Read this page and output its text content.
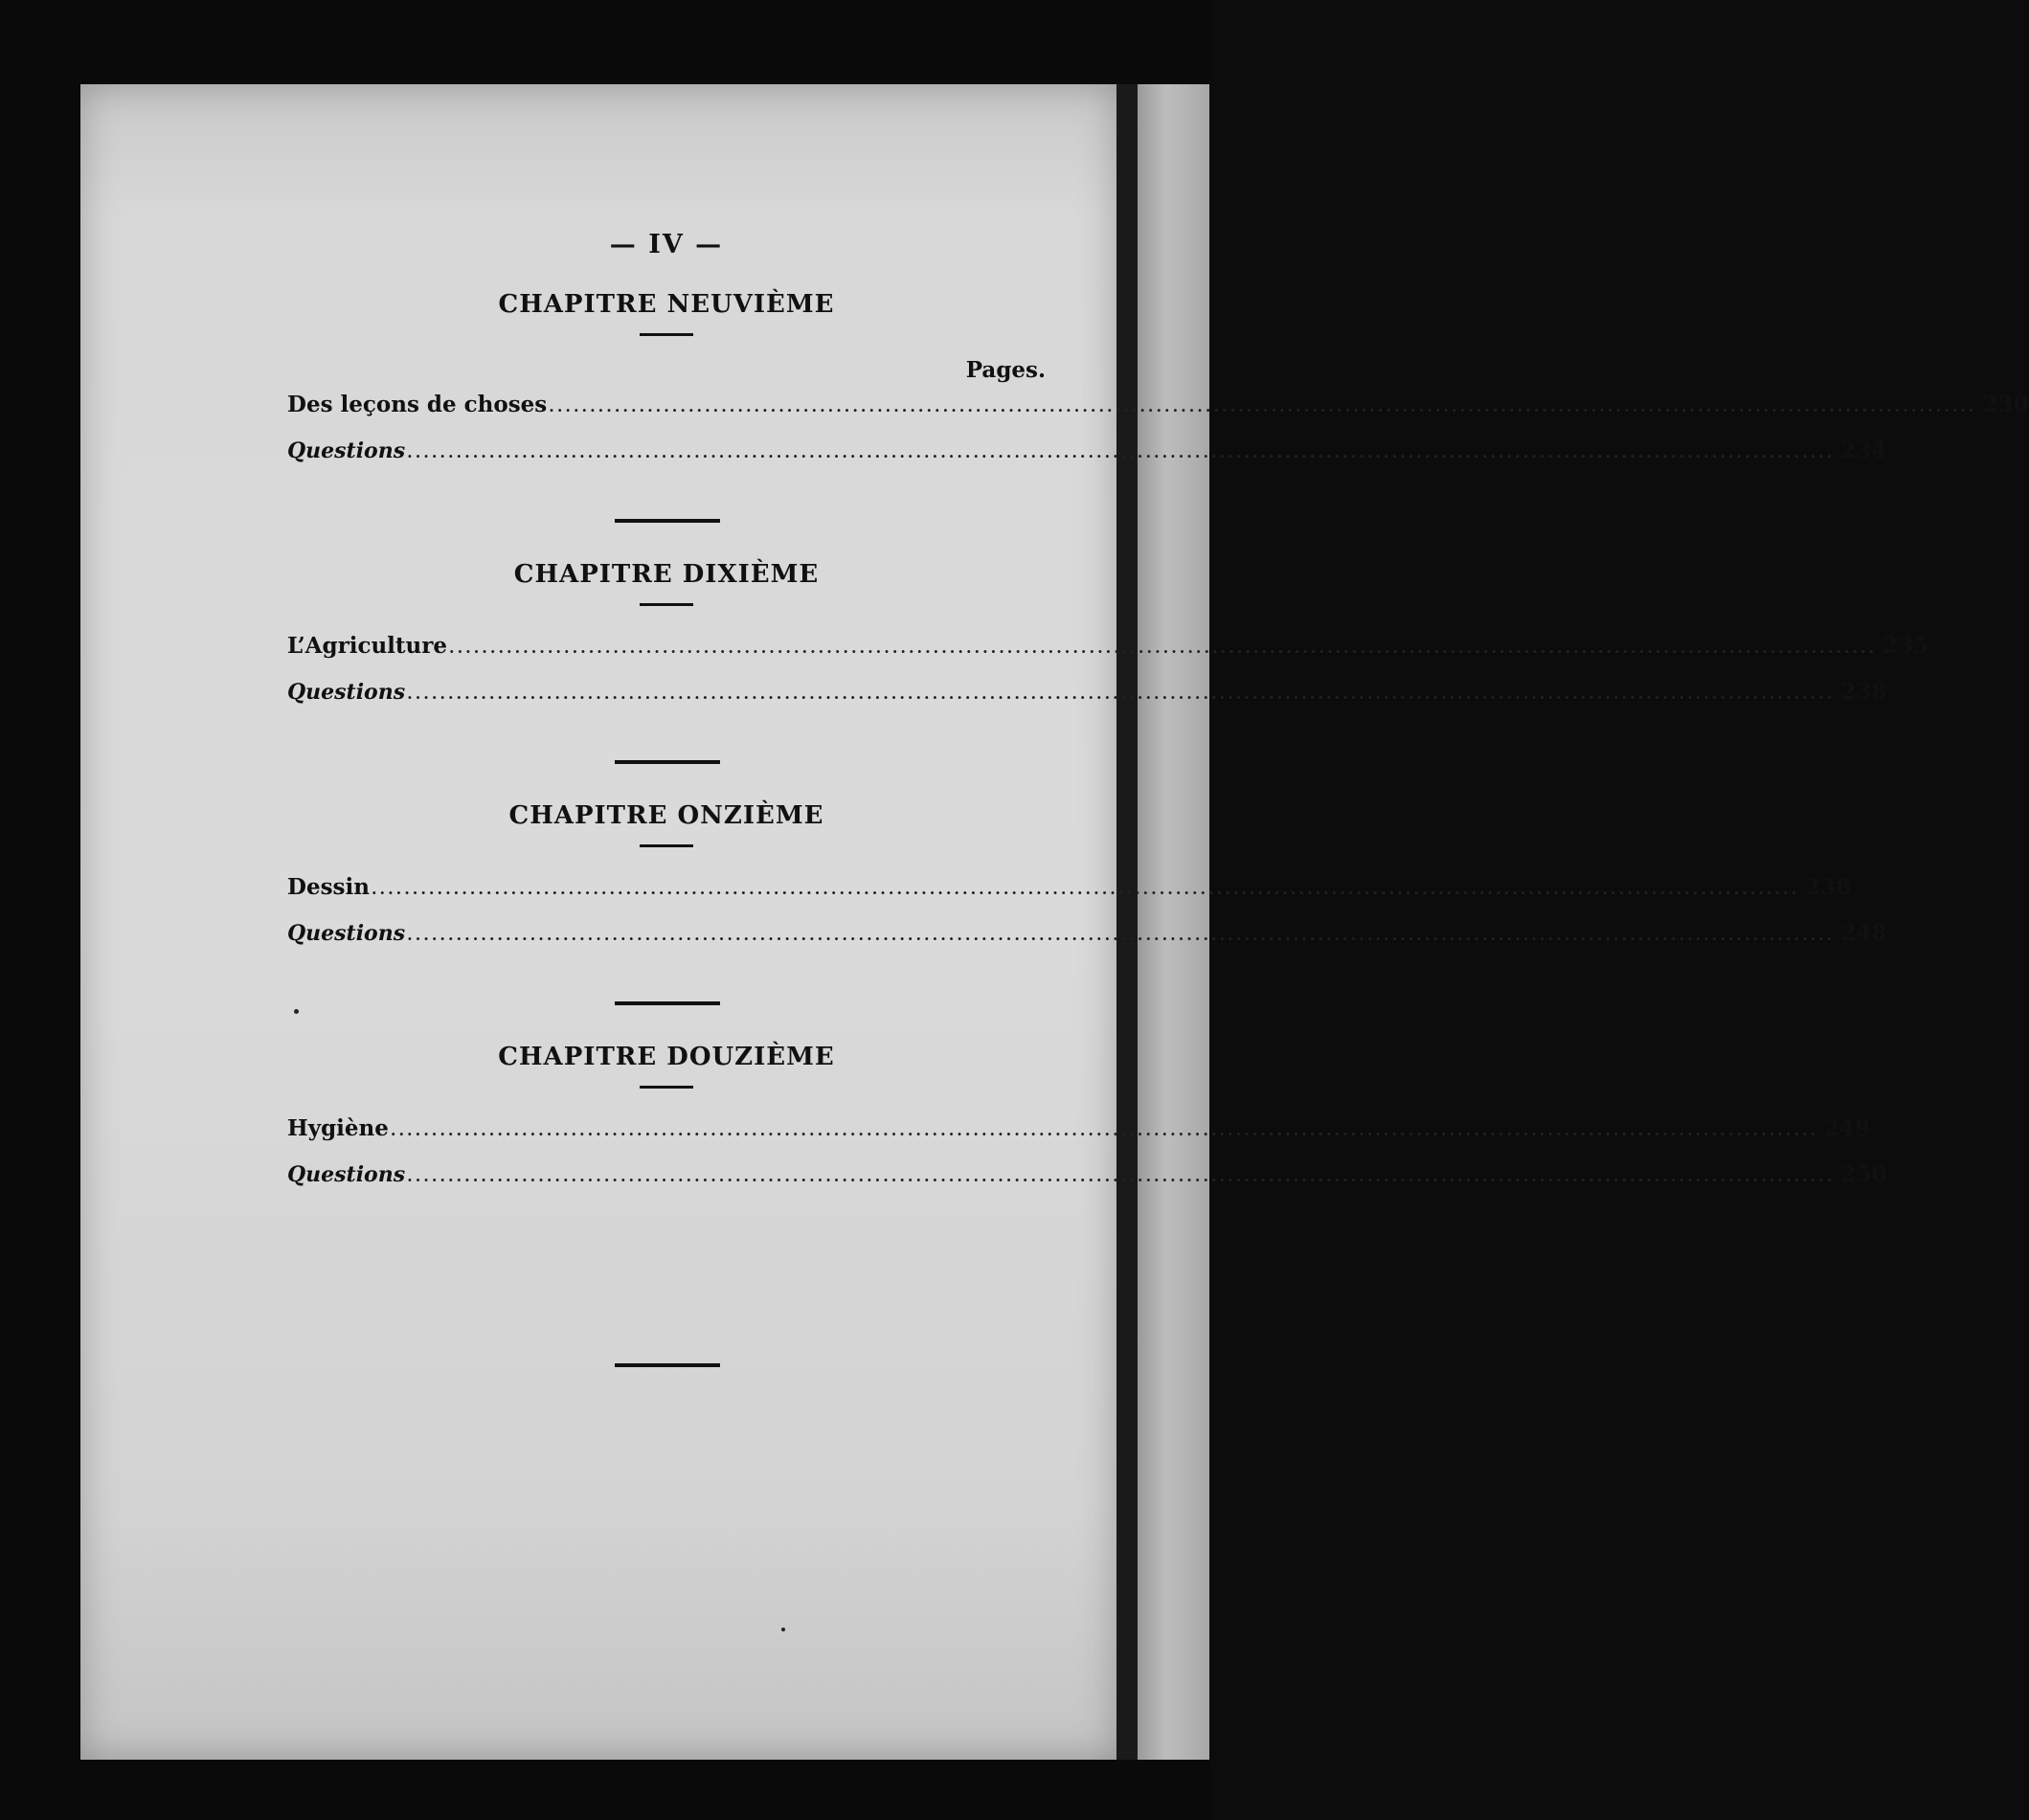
— IV —
CHAPITRE NEUVIÈME
Pages.
Des leçons de choses .............................................................................................................................................................................. 230
Questions .............................................................................................................................................................................. 234
CHAPITRE DIXIÈME
L’Agriculture .............................................................................................................................................................................. 235
Questions .............................................................................................................................................................................. 238
CHAPITRE ONZIÈME
Dessin .............................................................................................................................................................................. 238
Questions .............................................................................................................................................................................. 248
CHAPITRE DOUZIÈME
Hygiène .............................................................................................................................................................................. 249
Questions .............................................................................................................................................................................. 250
